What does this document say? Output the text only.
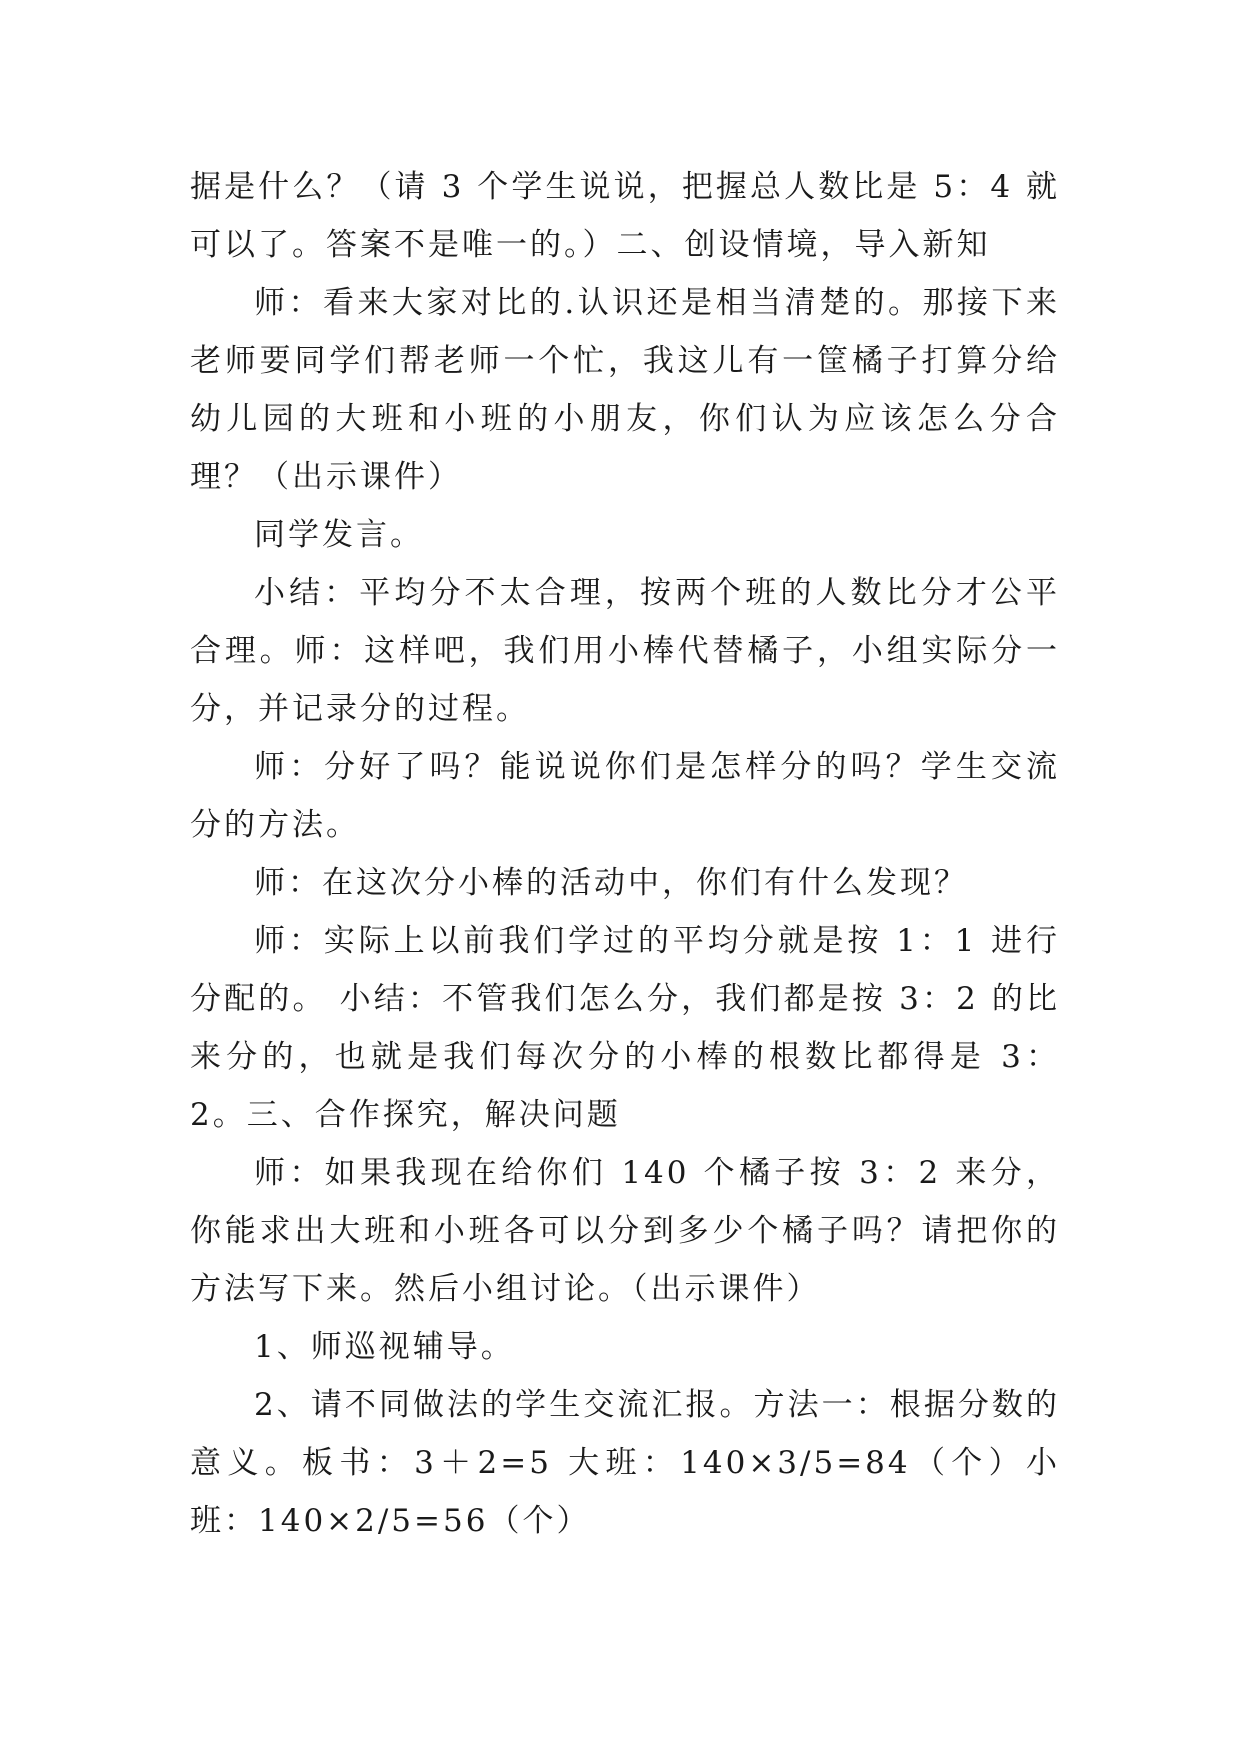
据是什么？（请 3 个学生说说，把握总人数比是 5：4 就可以了。答案不是唯一的。）二、创设情境，导入新知

师：看来大家对比的.认识还是相当清楚的。那接下来老师要同学们帮老师一个忙，我这儿有一筐橘子打算分给幼儿园的大班和小班的小朋友，你们认为应该怎么分合理？（出示课件）

同学发言。

小结：平均分不太合理，按两个班的人数比分才公平合理。师：这样吧，我们用小棒代替橘子，小组实际分一分，并记录分的过程。

师：分好了吗？能说说你们是怎样分的吗？学生交流分的方法。

师：在这次分小棒的活动中，你们有什么发现？

师：实际上以前我们学过的平均分就是按 1：1 进行分配的。 小结：不管我们怎么分，我们都是按 3：2 的比来分的，也就是我们每次分的小棒的根数比都得是 3：2。三、合作探究，解决问题

师：如果我现在给你们 140 个橘子按 3：2 来分，你能求出大班和小班各可以分到多少个橘子吗？请把你的方法写下来。然后小组讨论。（出示课件）

1、师巡视辅导。

2、请不同做法的学生交流汇报。方法一：根据分数的意义。板书：3＋2=5 大班：140×3/5=84（个）小班：140×2/5=56（个）
